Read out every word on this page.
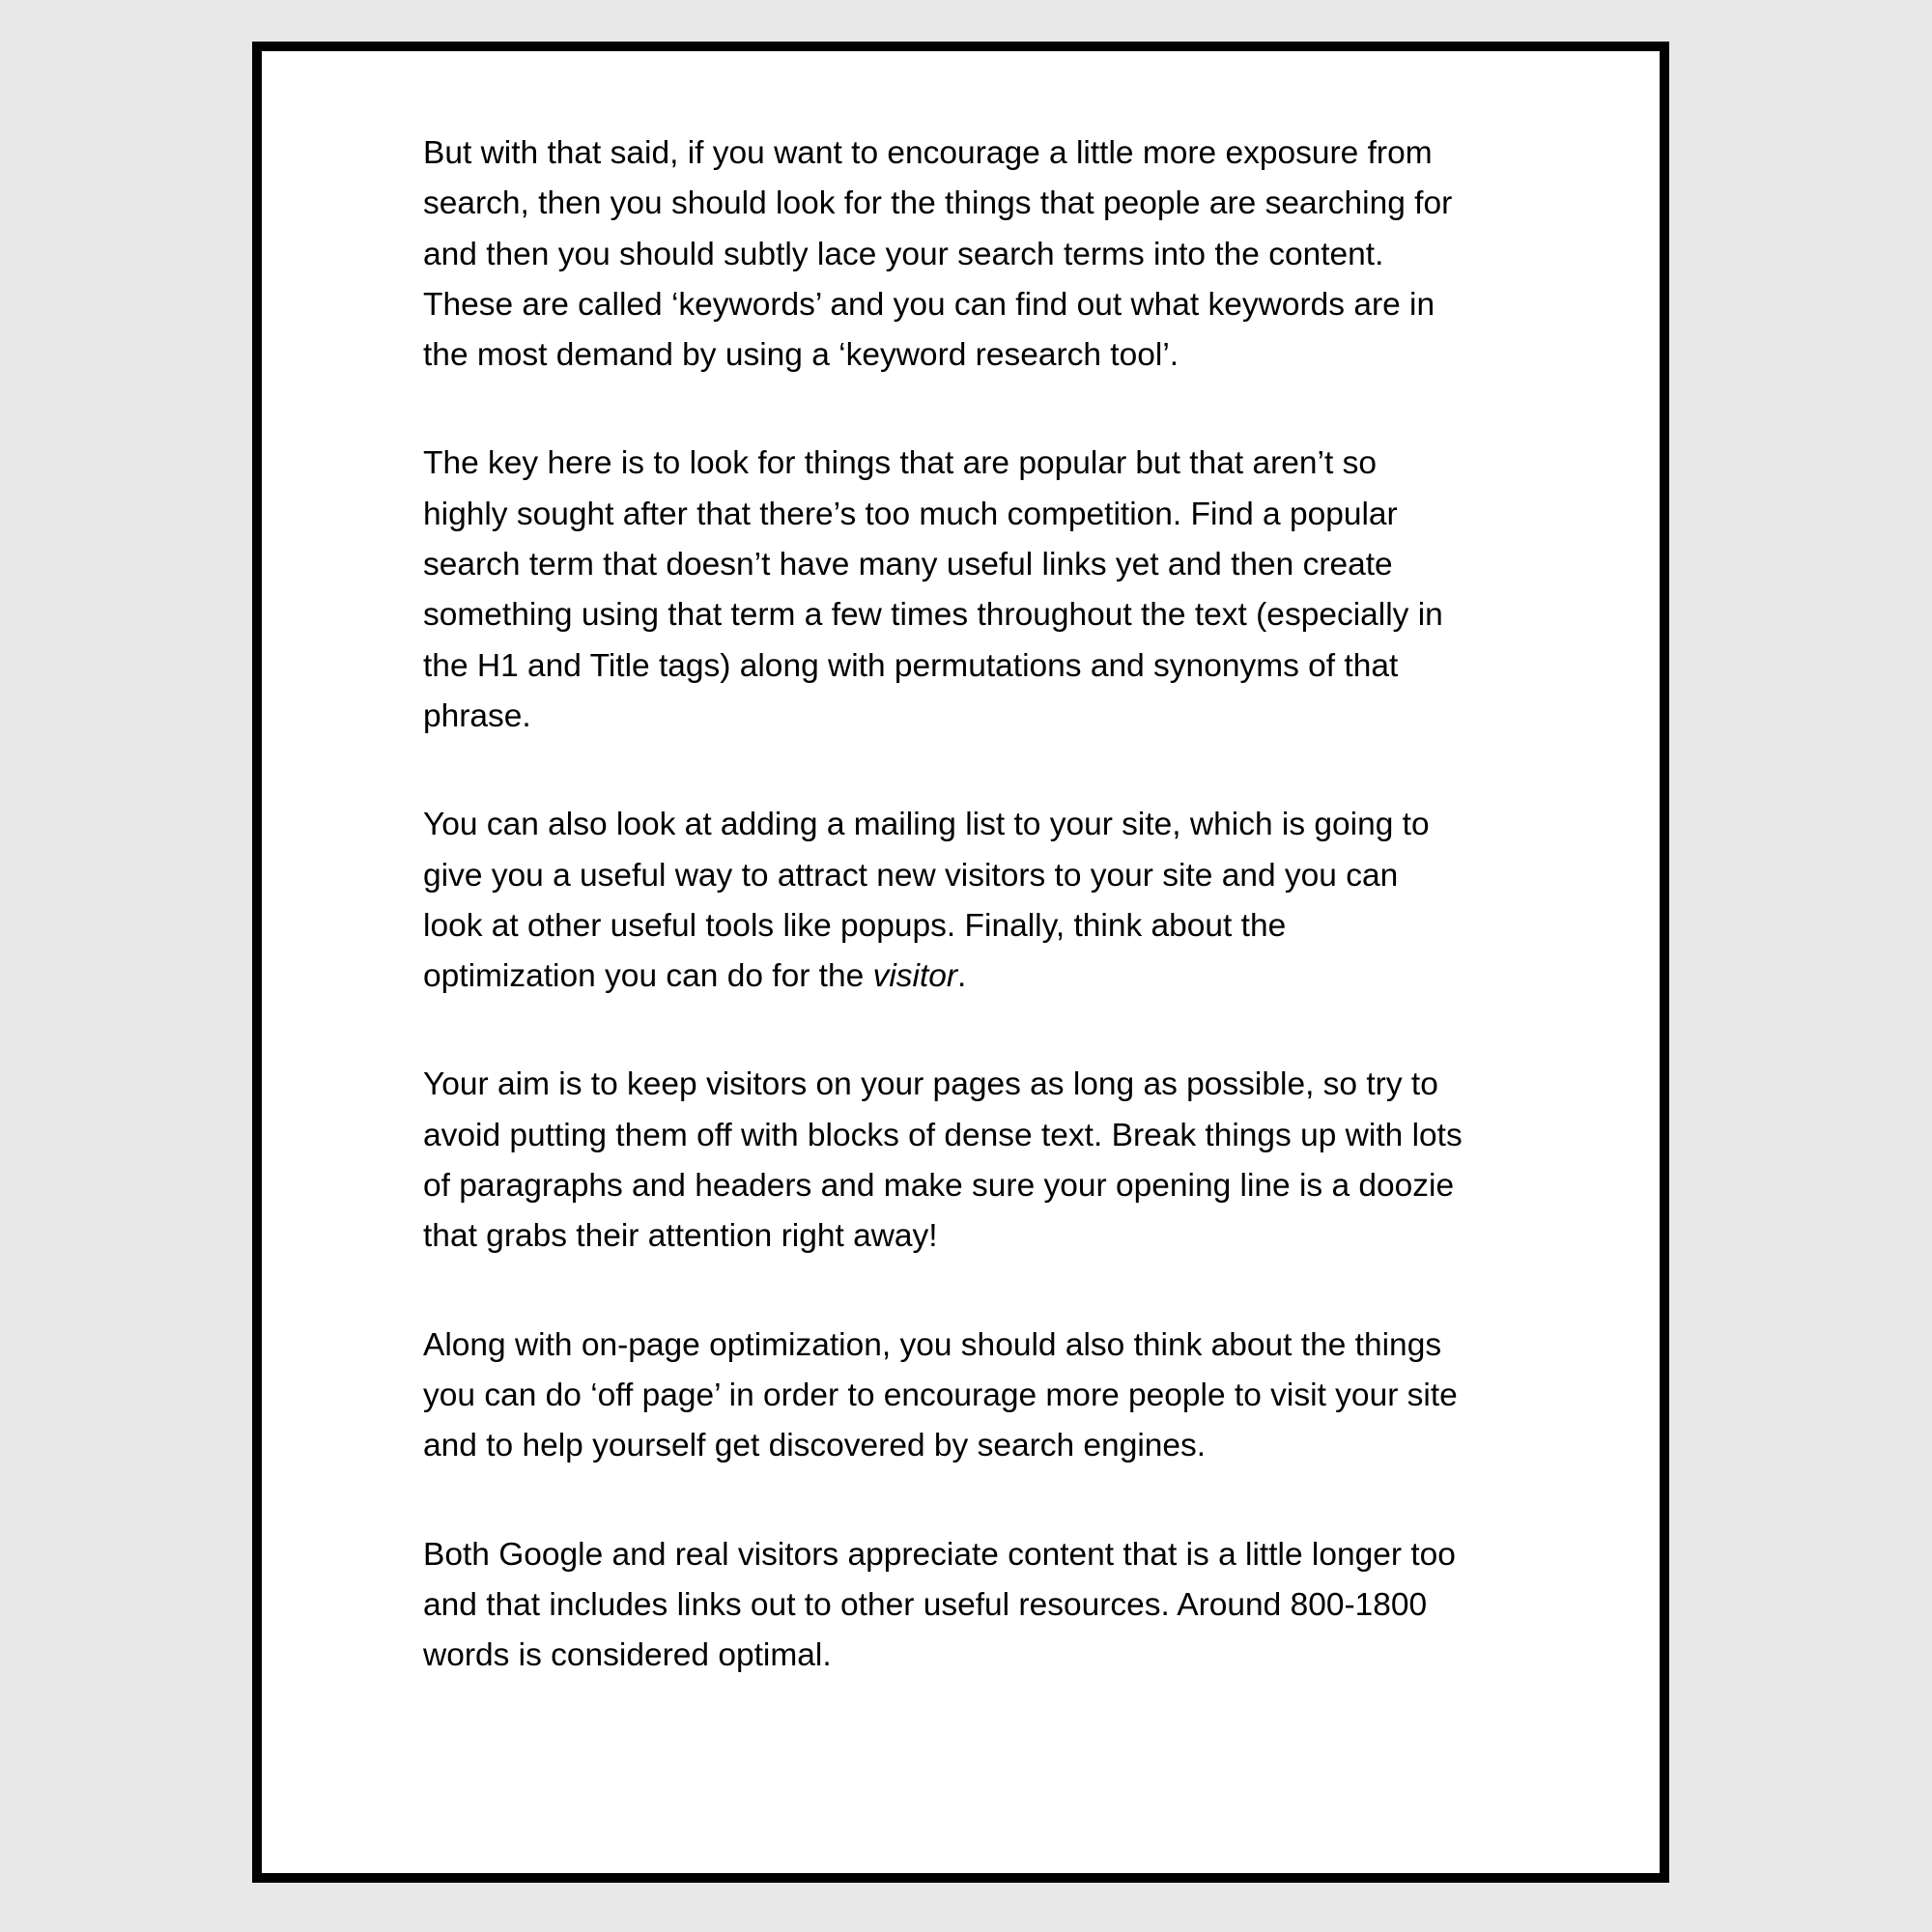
But with that said, if you want to encourage a little more exposure from
search, then you should look for the things that people are searching for
and then you should subtly lace your search terms into the content.
These are called ‘keywords’ and you can find out what keywords are in
the most demand by using a ‘keyword research tool’.

The key here is to look for things that are popular but that aren’t so
highly sought after that there’s too much competition. Find a popular
search term that doesn’t have many useful links yet and then create
something using that term a few times throughout the text (especially in
the H1 and Title tags) along with permutations and synonyms of that
phrase.

You can also look at adding a mailing list to your site, which is going to
give you a useful way to attract new visitors to your site and you can
look at other useful tools like popups. Finally, think about the
optimization you can do for the visitor.

Your aim is to keep visitors on your pages as long as possible, so try to
avoid putting them off with blocks of dense text. Break things up with lots
of paragraphs and headers and make sure your opening line is a doozie
that grabs their attention right away!

Along with on-page optimization, you should also think about the things
you can do ‘off page’ in order to encourage more people to visit your site
and to help yourself get discovered by search engines.

Both Google and real visitors appreciate content that is a little longer too
and that includes links out to other useful resources. Around 800-1800
words is considered optimal.
